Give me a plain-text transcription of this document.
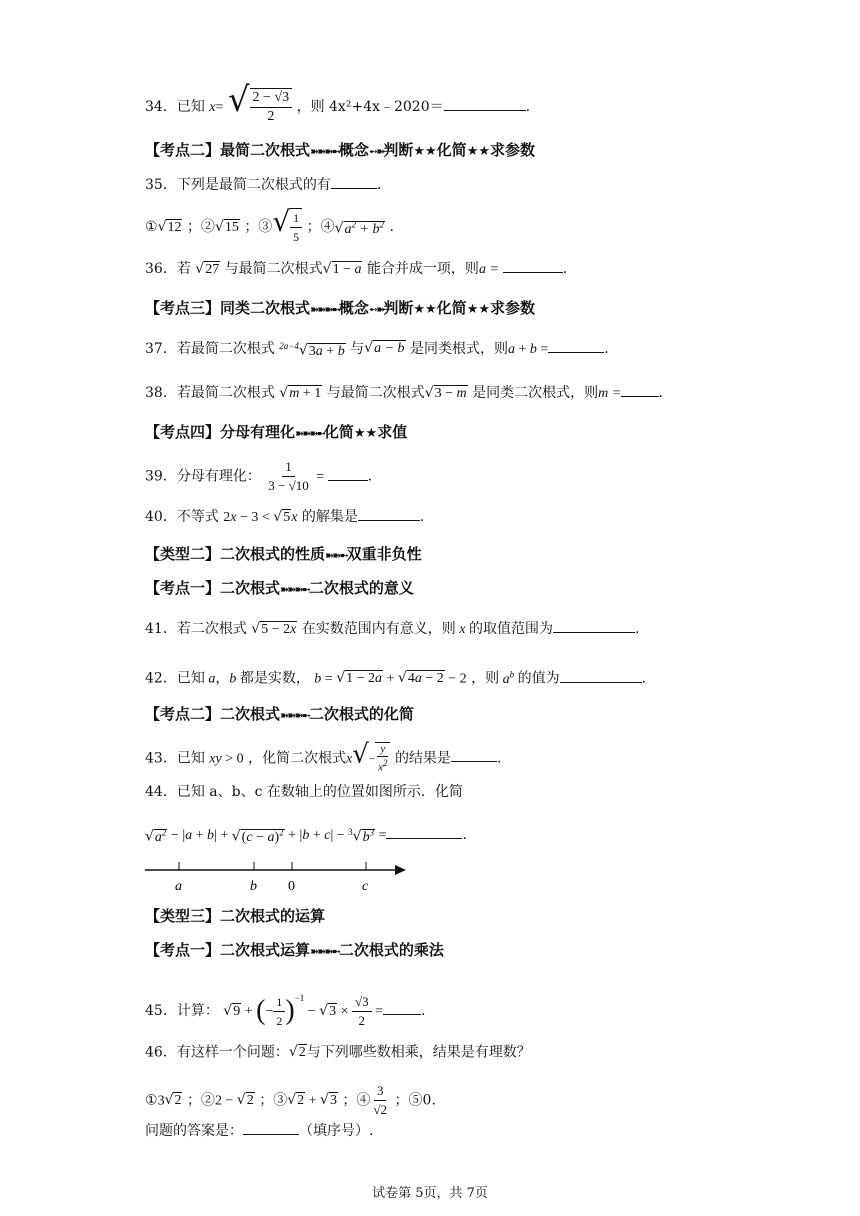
34．已知 x= √ $\frac{2 - √3}{2}$ ，则 4x²+4x﹣2020＝	.
【考点二】最简二次根式➽➽➽➼概念➻➽判断★★化简★★求参数
35．下列是最简二次根式的有	.
①√12 ；②√15 ；③√ $\frac{1}{5}$ ；$④√a^2 + b^2$ .
36．若 √27 与最简二次根式√1 − a 能合并成一项，则a =	.
【考点三】同类二次根式➽➽➽➼概念➻➽判断★★化简★★求参数
37．若最简二次根式 $^{2a-4}$√3a + b 与√a − b 是同类根式，则a + b =	.
38．若最简二次根式 √m + 1 与最简二次根式√3 − m 是同类二次根式，则m =	.
【考点四】分母有理化➽➽➽➼化简★★求值
39．分母有理化： $\frac{1}{3 - √10}$ =	.
40．不等式 2x − 3 < √5x 的解集是	.
【类型二】二次根式的性质➽➽➼双重非负性
【考点一】二次根式➽➽➽➼二次根式的意义
41．若二次根式 √5 − 2x 在实数范围内有意义，则 x 的取值范围为	.
42．已知 a，b 都是实数， b = √1 − 2a + √4a − 2 − 2 ，则 $a^b$ 的值为	.
【考点二】二次根式➽➽➽➼二次根式的化简
43．已知 xy > 0 ，化简二次根式$x√- \frac{y}{x^2}$ 的结果是	.
44．已知 a、b、c 在数轴上的位置如图所示．化简
$√a^2 - |a + b| + √(c - a)^2 + |b + c| - ^3√b^3$ =	.
a	b 0	c
【类型三】二次根式的运算
【考点一】二次根式运算➽➽➽➼二次根式的乘法
45．计算： √9 + (− $\frac{1}{2} )^{-1} - √3 \times \frac{√3}{2}$ =	.
46．有这样一个问题：√2与下列哪些数相乘，结果是有理数？
①3√2 ；②2 − √2 ；③√2 + √3 ；④ $\frac{3}{√2}$ ；⑤0.
问题的答案是：	（填序号）.
试卷第 5页，共 7页
